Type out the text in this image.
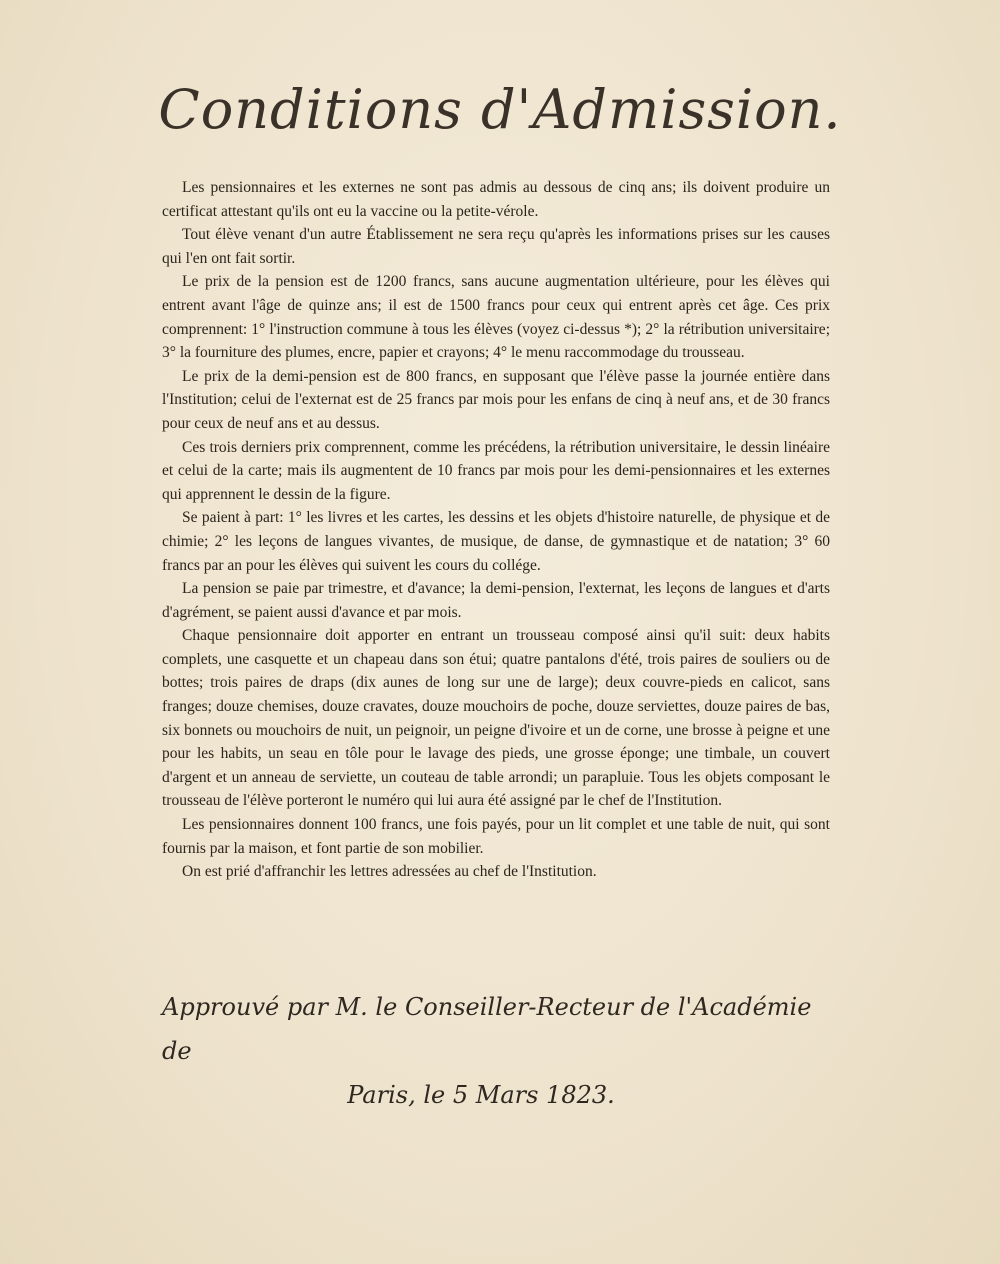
Conditions d'Admission.

Les pensionnaires et les externes ne sont pas admis au dessous de cinq ans; ils doivent produire un certificat attestant qu'ils ont eu la vaccine ou la petite-vérole.

Tout élève venant d'un autre Établissement ne sera reçu qu'après les informations prises sur les causes qui l'en ont fait sortir.

Le prix de la pension est de 1200 francs, sans aucune augmentation ultérieure, pour les élèves qui entrent avant l'âge de quinze ans; il est de 1500 francs pour ceux qui entrent après cet âge. Ces prix comprennent: 1° l'instruction commune à tous les élèves (voyez ci-dessus *); 2° la rétribution universitaire; 3° la fourniture des plumes, encre, papier et crayons; 4° le menu raccommodage du trousseau.

Le prix de la demi-pension est de 800 francs, en supposant que l'élève passe la journée entière dans l'Institution; celui de l'externat est de 25 francs par mois pour les enfans de cinq à neuf ans, et de 30 francs pour ceux de neuf ans et au dessus.

Ces trois derniers prix comprennent, comme les précédens, la rétribution universitaire, le dessin linéaire et celui de la carte; mais ils augmentent de 10 francs par mois pour les demi-pensionnaires et les externes qui apprennent le dessin de la figure.

Se paient à part: 1° les livres et les cartes, les dessins et les objets d'histoire naturelle, de physique et de chimie; 2° les leçons de langues vivantes, de musique, de danse, de gymnastique et de natation; 3° 60 francs par an pour les élèves qui suivent les cours du collége.

La pension se paie par trimestre, et d'avance; la demi-pension, l'externat, les leçons de langues et d'arts d'agrément, se paient aussi d'avance et par mois.

Chaque pensionnaire doit apporter en entrant un trousseau composé ainsi qu'il suit: deux habits complets, une casquette et un chapeau dans son étui; quatre pantalons d'été, trois paires de souliers ou de bottes; trois paires de draps (dix aunes de long sur une de large); deux couvre-pieds en calicot, sans franges; douze chemises, douze cravates, douze mouchoirs de poche, douze serviettes, douze paires de bas, six bonnets ou mouchoirs de nuit, un peignoir, un peigne d'ivoire et un de corne, une brosse à peigne et une pour les habits, un seau en tôle pour le lavage des pieds, une grosse éponge; une timbale, un couvert d'argent et un anneau de serviette, un couteau de table arrondi; un parapluie. Tous les objets composant le trousseau de l'élève porteront le numéro qui lui aura été assigné par le chef de l'Institution.

Les pensionnaires donnent 100 francs, une fois payés, pour un lit complet et une table de nuit, qui sont fournis par la maison, et font partie de son mobilier.

On est prié d'affranchir les lettres adressées au chef de l'Institution.

Approuvé par M. le Conseiller-Recteur de l'Académie de
Paris, le 5 Mars 1823.
